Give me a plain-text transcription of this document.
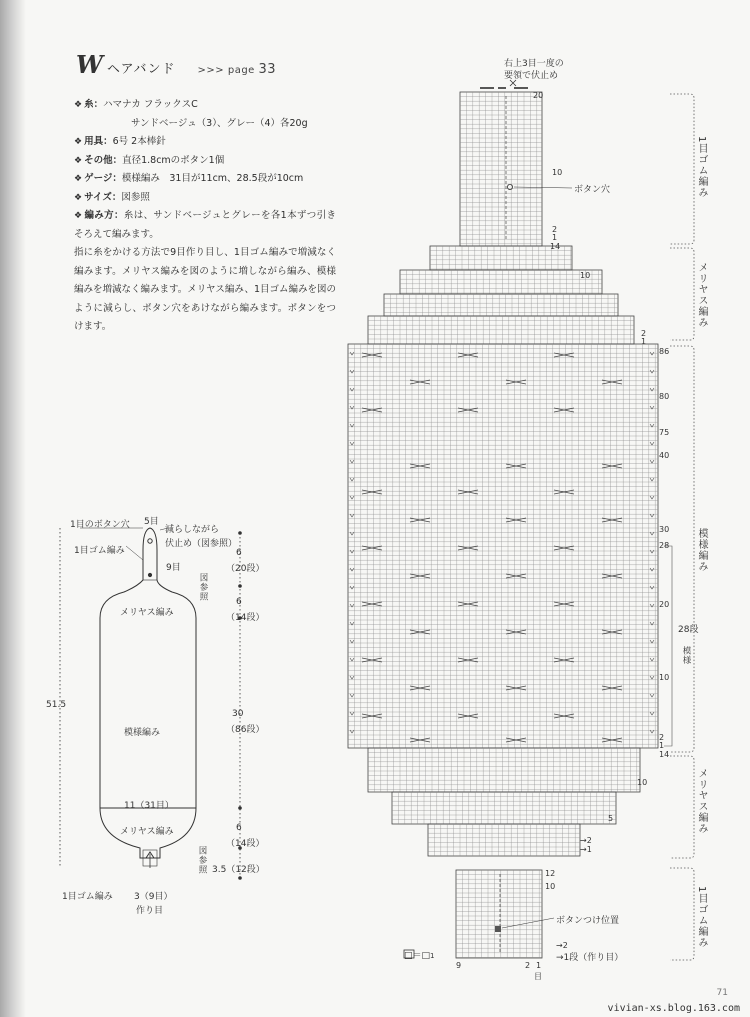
W ヘアバンド >>> page 33
❖ 糸：ハマナカ フラックスC
サンドベージュ（3）、グレー（4）各20g
❖ 用具：6号 2本棒針
❖ その他：直径1.8cmのボタン1個
❖ ゲージ：模様編み　31目が11cm、28.5段が10cm
❖ サイズ：図参照
❖ 編み方：糸は、サンドベージュとグレーを各1本ずつ引きそろえて編みます。
指に糸をかける方法で9目作り目し、1目ゴム編みで増減なく編みます。メリヤス編みを図のように増しながら編み、模様編みを増減なく編みます。メリヤス編み、1目ゴム編みを図のように減らし、ボタン穴をあけながら編みます。ボタンをつけます。
1目のボタン穴 5目
減らしながら
伏止め（図参照）
1目ゴム編み
9目
図参照
メリヤス編み
模様編み
11（31目）
メリヤス編み
図参照
1目ゴム編み 3（9目）
作り目
51.5
6
（20段）
6
（14段）
30
（86段）
6
（14段）
3.5（12段）
右上3目一度の
要領で伏止め
ボタン穴
ボタンつけ位置
□＝□1	→1段（作り目）
1目ゴム編み
メリヤス編み
模様編み
メリヤス編み
1目ゴム編み
28段
模様
20
10
2
1
14
10
2
1
86
80
75
40
30
28
20
10
2
1
14
10
5
→2
→1
12
10
→2
9	2 1
目
71
vivian-xs.blog.163.com
